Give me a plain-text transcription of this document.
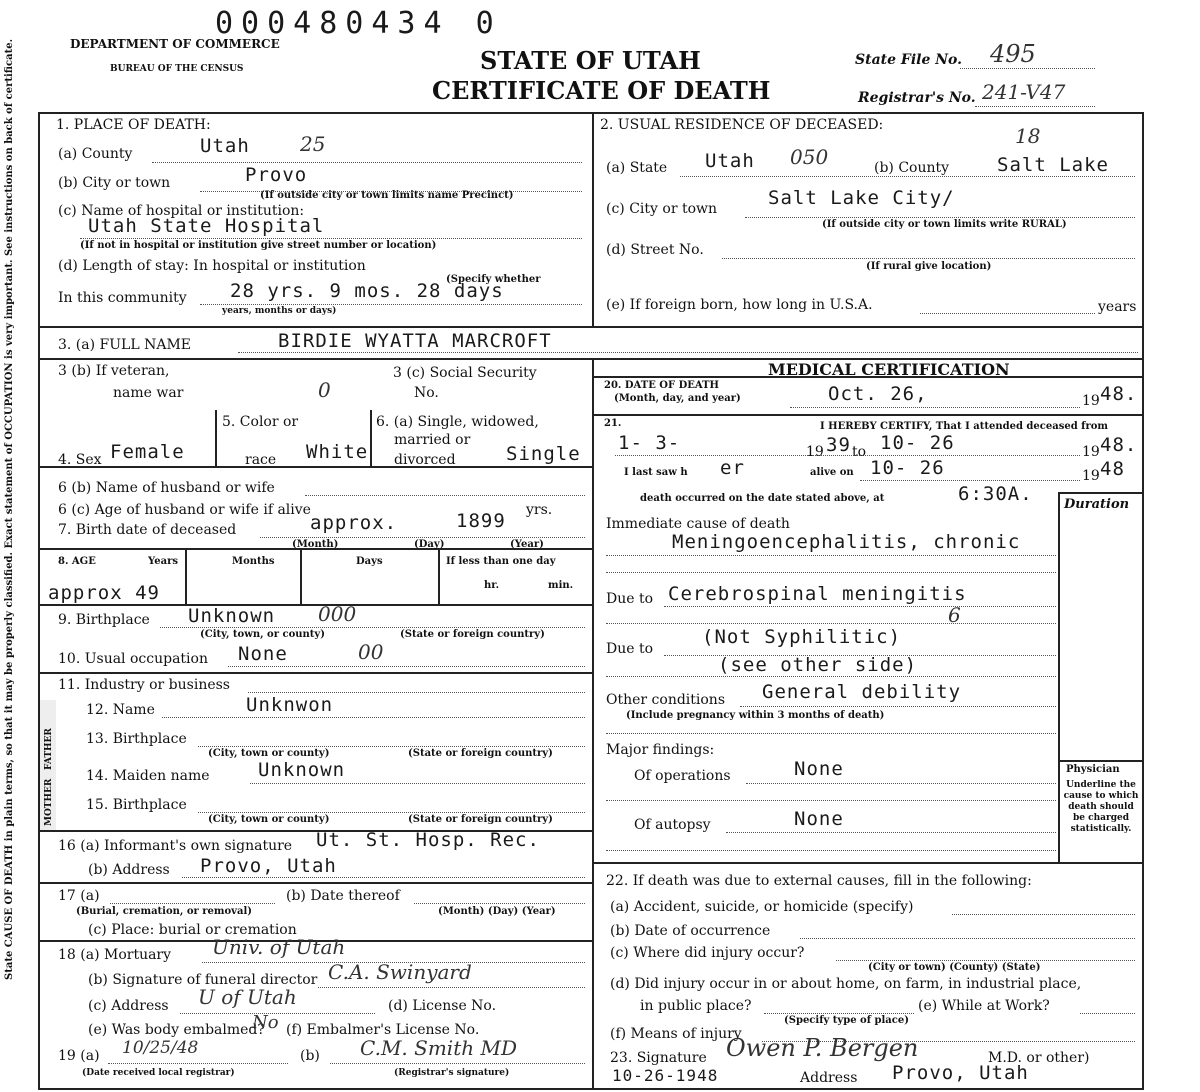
000480434 0
DEPARTMENT OF COMMERCE
BUREAU OF THE CENSUS	STATE OF UTAH
CERTIFICATE OF DEATH
State File No. 495
Registrar's No. 241-V47
State CAUSE OF DEATH in plain terms, so that it may be properly classified. Exact statement of OCCUPATION is very important. See instructions on back of certificate.	1. PLACE OF DEATH:
(a) County	Utah	25
(b) City or town	Provo
(If outside city or town limits name Precinct)
(c) Name of hospital or institution:
Utah State Hospital
(If not in hospital or institution give street number or location)
(d) Length of stay: In hospital or institution
In this community 28 yrs. 9 mos. 28 days
(Specify whether
years, months or days)
2. USUAL RESIDENCE OF DECEASED:	18
(a) State Utah 050	(b) County	Salt Lake
(c) City or town	Salt Lake City/
(If outside city or town limits write RURAL)
(d) Street No.
(If rural give location)
(e) If foreign born, how long in U.S.A.	years
3. (a) FULL NAME	BIRDIE WYATTA MARCROFT
3 (b) If veteran,
name war	0
3 (c) Social Security
No.
4. Sex Female
5. Color or
race White
6. (a) Single, widowed,
married or
divorced	Single
6 (b) Name of husband or wife
6 (c) Age of husband or wife if alive	yrs.
7. Birth date of deceased	approx.	1899
(Month)	(Day)	(Year)
8. AGE	Years	Months	Days	If less than one day
hr.	min.
approx 49
9. Birthplace Unknown 000
(City, town, or county)	(State or foreign country)
10. Usual occupation None	00
11. Industry or business
FATHER
MOTHER
12. Name	Unknwon
13. Birthplace
(City, town or county)	(State or foreign country)
14. Maiden name	Unknown
15. Birthplace
(City, town or county)	(State or foreign country)
16 (a) Informant's own signature Ut. St. Hosp. Rec.
(b) Address Provo, Utah
17 (a)
(Burial, cremation, or removal)
(b) Date thereof
(Month) (Day) (Year)
(c) Place: burial or cremation
18 (a) Mortuary Univ. of Utah
(b) Signature of funeral director C.A. Swinyard
(c) Address U of Utah	(d) License No.
(e) Was body embalmed?
No (f) Embalmer's License No.
19 (a) 10/25/48
(Date received local registrar)
(b) C.M. Smith MD
(Registrar's signature)
MEDICAL CERTIFICATION
20. DATE OF DEATH
(Month, day, and year)	Oct. 26,	19 48.
21.	I HEREBY CERTIFY, That I attended deceased from
1- 3-	19 39 to 10- 26	19 48.
I last saw h er	alive on 10- 26	19 48
death occurred on the date stated above, at	6:30A. Duration
Immediate cause of death
Meningoencephalitis, chronic
Due to Cerebrospinal meningitis
6
Due to
(Not Syphilitic)
(see other side)
Other conditions General debility
(Include pregnancy within 3 months of death)
Major findings:
Of operations	None
Of autopsy	None
Physician
Underline the cause to which death should be charged statistically.
22. If death was due to external causes, fill in the following:
(a) Accident, suicide, or homicide (specify)
(b) Date of occurrence
(c) Where did injury occur?
(City or town) (County) (State)
(d) Did injury occur in or about home, on farm, in industrial place,
in public place?
(Specify type of place)
(e) While at Work?
(f) Means of injury
23. Signature Owen P. Bergen	M.D. or other)
10-26-1948	Address Provo, Utah
